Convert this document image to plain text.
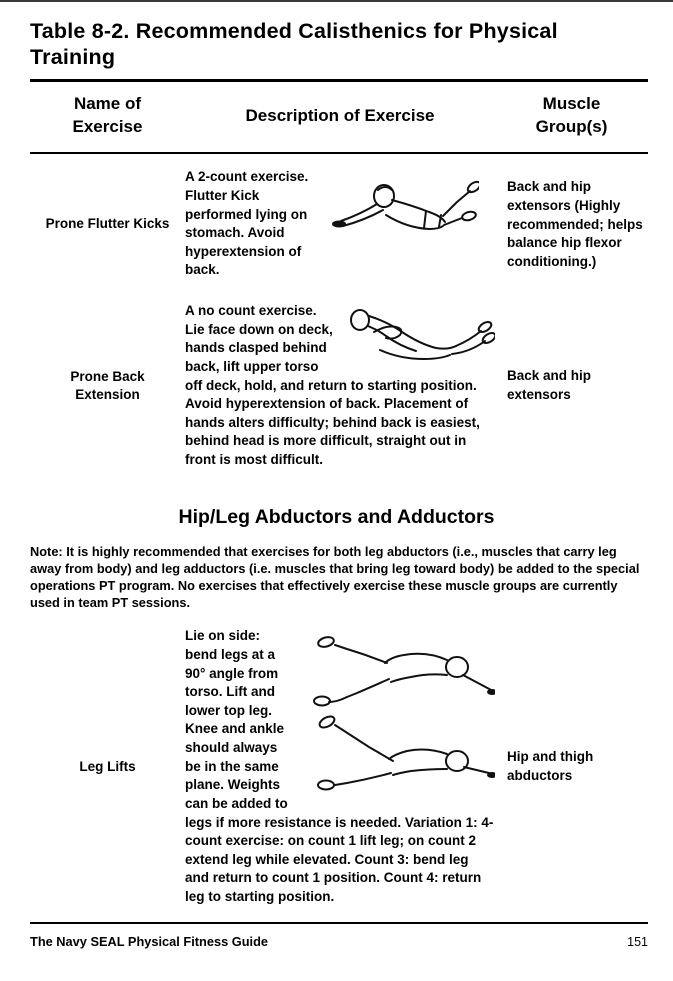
Table 8-2. Recommended Calisthenics for Physical Training
Name of Exercise
Description of Exercise
Muscle Group(s)
Prone Flutter Kicks
A 2-count exercise. Flutter Kick performed lying on stomach. Avoid hyperextension of back.
Back and hip extensors (Highly recommended; helps balance hip flexor conditioning.)
Prone Back Extension
A no count exercise. Lie face down on deck, hands clasped behind back, lift upper torso off deck, hold, and return to starting position. Avoid hyperextension of back. Placement of hands alters difficulty; behind back is easiest, behind head is more difficult, straight out in front is most difficult.
Back and hip extensors
Hip/Leg Abductors and Adductors
Note: It is highly recommended that exercises for both leg abductors (i.e., muscles that carry leg away from body) and leg adductors (i.e. muscles that bring leg toward body) be added to the special operations PT program. No exercises that effectively exercise these muscle groups are currently used in team PT sessions.
Leg Lifts
Lie on side: bend legs at a 90° angle from torso. Lift and lower top leg. Knee and ankle should always be in the same plane. Weights can be added to legs if more resistance is needed. Variation 1: 4-count exercise: on count 1 lift leg; on count 2 extend leg while elevated. Count 3: bend leg and return to count 1 position. Count 4: return leg to starting position.
Hip and thigh abductors
The Navy SEAL Physical Fitness Guide	151
